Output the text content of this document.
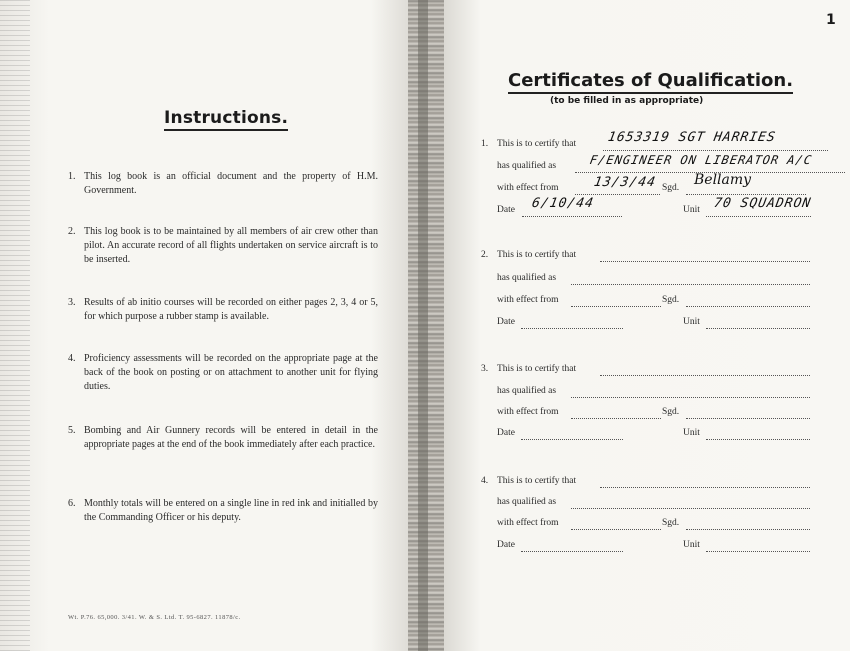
Instructions.
1. This log book is an official document and the property of H.M. Government.
2. This log book is to be maintained by all members of air crew other than pilot. An accurate record of all flights undertaken on service aircraft is to be inserted.
3. Results of ab initio courses will be recorded on either pages 2, 3, 4 or 5, for which purpose a rubber stamp is available.
4. Proficiency assessments will be recorded on the appropriate page at the back of the book on posting or on attachment to another unit for flying duties.
5. Bombing and Air Gunnery records will be entered in detail in the appropriate pages at the end of the book immediately after each practice.
6. Monthly totals will be entered on a single line in red ink and initialled by the Commanding Officer or his deputy.
Wt. P.76. 65,000. 3/41. W. & S. Ltd. T. 95-6827. 11878/c.
1
Certificates of Qualification.
(to be filled in as appropriate)
1. This is to certify that 1653319 SGT HARRIES
has qualified as	F/ENGINEER ON LIBERATOR A/C
with effect from	13/3/44 Sgd. Bellamy
Date 6/10/44	Unit 70 SQUADRON
2. This is to certify that
has qualified as
with effect from	Sgd.
Date	Unit
3. This is to certify that
has qualified as
with effect from	Sgd.
Date	Unit
4. This is to certify that
has qualified as
with effect from	Sgd.
Date	Unit
